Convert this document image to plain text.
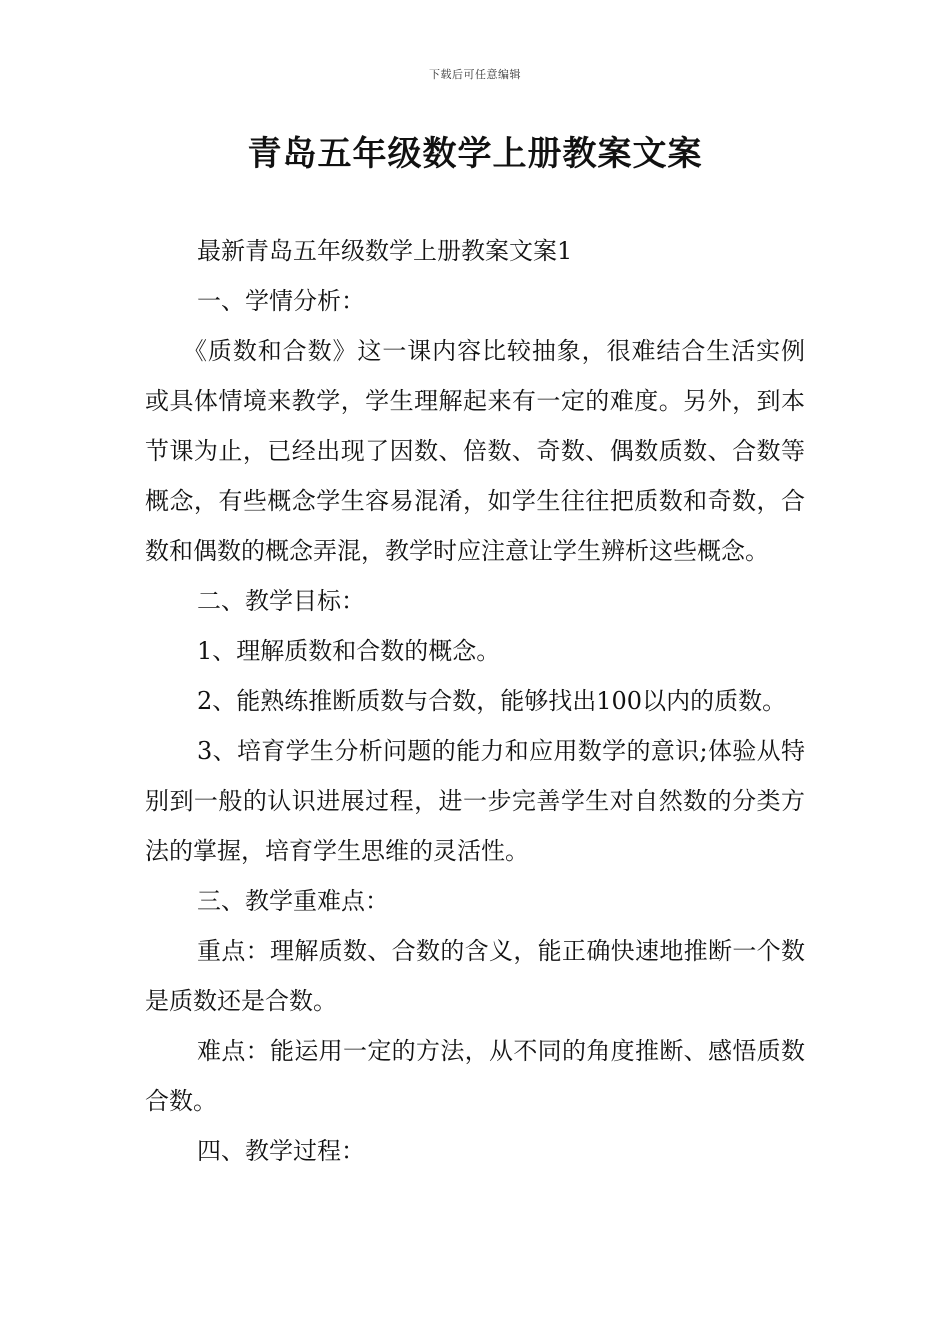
下载后可任意编辑
青岛五年级数学上册教案文案

最新青岛五年级数学上册教案文案1

一、学情分析：

《质数和合数》这一课内容比较抽象，很难结合生活实例或具体情境来教学，学生理解起来有一定的难度。另外，到本节课为止，已经出现了因数、倍数、奇数、偶数质数、合数等概念，有些概念学生容易混淆，如学生往往把质数和奇数，合数和偶数的概念弄混，教学时应注意让学生辨析这些概念。

二、教学目标：

1、理解质数和合数的概念。

2、能熟练推断质数与合数，能够找出100以内的质数。

3、培育学生分析问题的能力和应用数学的意识;体验从特别到一般的认识进展过程，进一步完善学生对自然数的分类方法的掌握，培育学生思维的灵活性。

三、教学重难点：

重点：理解质数、合数的含义，能正确快速地推断一个数是质数还是合数。

难点：能运用一定的方法，从不同的角度推断、感悟质数合数。

四、教学过程：
